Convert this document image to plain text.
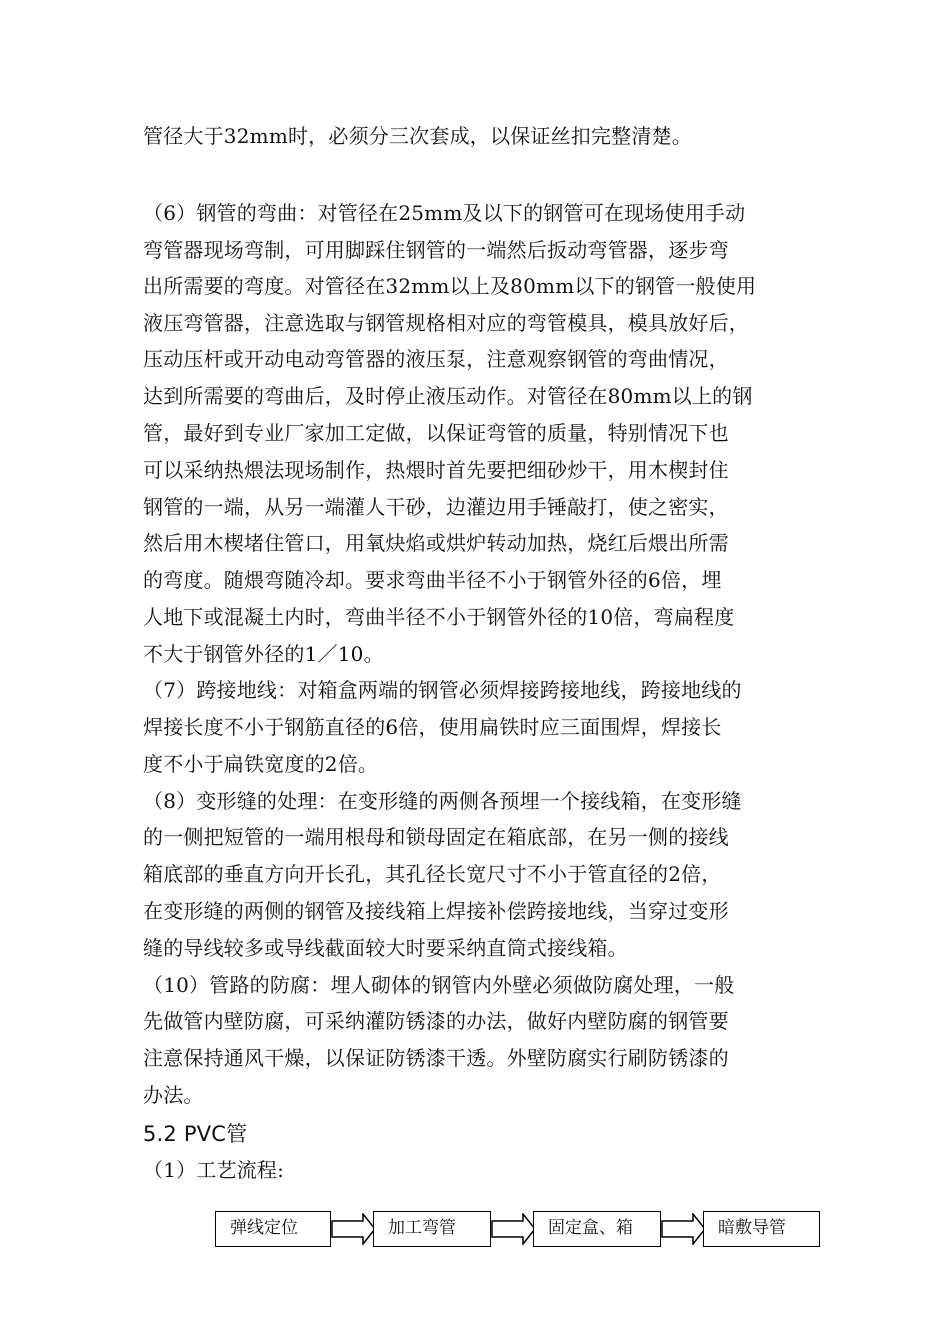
管径大于32mm时，必须分三次套成，以保证丝扣完整清楚。
（6）钢管的弯曲：对管径在25mm及以下的钢管可在现场使用手动
弯管器现场弯制，可用脚踩住钢管的一端然后扳动弯管器，逐步弯
出所需要的弯度。对管径在32mm以上及80mm以下的钢管一般使用
液压弯管器，注意选取与钢管规格相对应的弯管模具，模具放好后，
压动压杆或开动电动弯管器的液压泵，注意观察钢管的弯曲情况，
达到所需要的弯曲后，及时停止液压动作。对管径在80mm以上的钢
管，最好到专业厂家加工定做，以保证弯管的质量，特别情况下也
可以采纳热煨法现场制作，热煨时首先要把细砂炒干，用木楔封住
钢管的一端，从另一端灌人干砂，边灌边用手锤敲打，使之密实，
然后用木楔堵住管口，用氧炔焰或烘炉转动加热，烧红后煨出所需
的弯度。随煨弯随冷却。要求弯曲半径不小于钢管外径的6倍，埋
人地下或混凝土内时，弯曲半径不小于钢管外径的10倍，弯扁程度
不大于钢管外径的1／10。
（7）跨接地线：对箱盒两端的钢管必须焊接跨接地线，跨接地线的
焊接长度不小于钢筋直径的6倍，使用扁铁时应三面围焊，焊接长
度不小于扁铁宽度的2倍。
（8）变形缝的处理：在变形缝的两侧各预埋一个接线箱，在变形缝
的一侧把短管的一端用根母和锁母固定在箱底部，在另一侧的接线
箱底部的垂直方向开长孔，其孔径长宽尺寸不小于管直径的2倍，
在变形缝的两侧的钢管及接线箱上焊接补偿跨接地线，当穿过变形
缝的导线较多或导线截面较大时要采纳直筒式接线箱。
（10）管路的防腐：埋人砌体的钢管内外壁必须做防腐处理，一般
先做管内壁防腐，可采纳灌防锈漆的办法，做好内壁防腐的钢管要
注意保持通风干燥，以保证防锈漆干透。外壁防腐实行刷防锈漆的
办法。
5.2 PVC管
（1）工艺流程:
弹线定位	加工弯管	固定盒、箱	暗敷导管
